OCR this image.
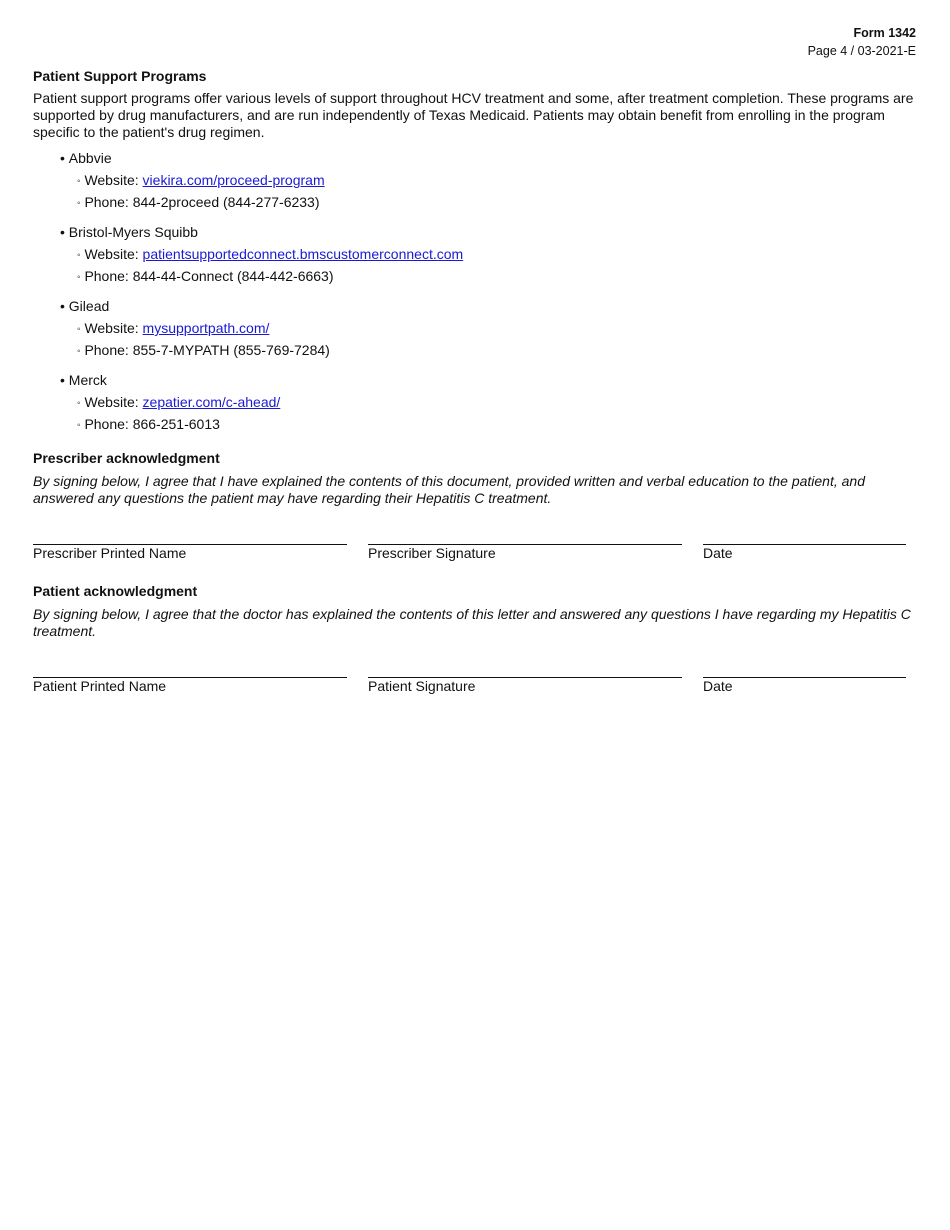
Form 1342
Page 4 / 03-2021-E
Patient Support Programs

Patient support programs offer various levels of support throughout HCV treatment and some, after treatment completion. These programs are supported by drug manufacturers, and are run independently of Texas Medicaid. Patients may obtain benefit from enrolling in the program specific to the patient's drug regimen.

• Abbvie
◦ Website: viekira.com/proceed-program
◦ Phone: 844-2proceed (844-277-6233)
• Bristol-Myers Squibb
◦ Website: patientsupportedconnect.bmscustomerconnect.com
◦ Phone: 844-44-Connect (844-442-6663)
• Gilead
◦ Website: mysupportpath.com/
◦ Phone: 855-7-MYPATH (855-769-7284)
• Merck
◦ Website: zepatier.com/c-ahead/
◦ Phone: 866-251-6013
Prescriber acknowledgment

By signing below, I agree that I have explained the contents of this document, provided written and verbal education to the patient, and answered any questions the patient may have regarding their Hepatitis C treatment.

Prescriber Printed Name	Prescriber Signature	Date
Patient acknowledgment

By signing below, I agree that the doctor has explained the contents of this letter and answered any questions I have regarding my Hepatitis C treatment.

Patient Printed Name	Patient Signature	Date
